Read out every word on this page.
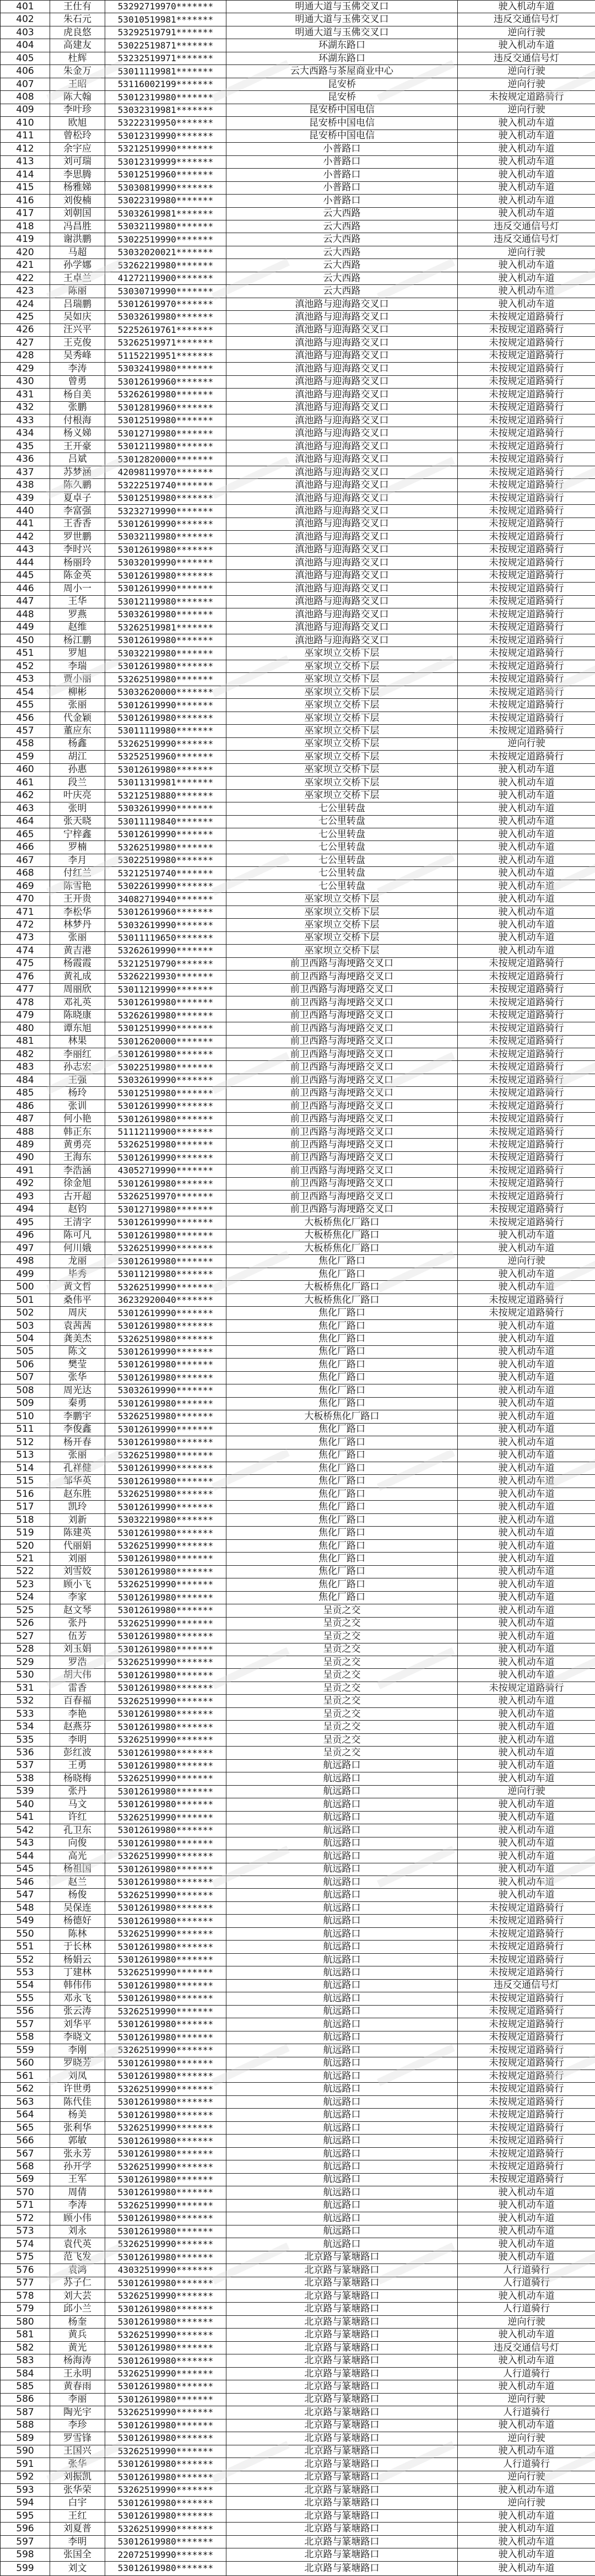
401	王仕有	53292719970*******	明通大道与玉佛交叉口	驶入机动车道
402	朱石元	53010519981*******	明通大道与玉佛交叉口	违反交通信号灯
403	虎良悠	53292519791*******	明通大道与玉佛交叉口	逆向行驶
404	高建友	53022519871*******	环湖东路口	驶入机动车道
405	杜辉	53232519971*******	环湖东路口	违反交通信号灯
406	朱金万	53011119981*******	云大西路与茶屋商业中心	逆向行驶
407	王昭	53116002199*******	昆安桥	逆向行驶
408	陈大翰	53012319980*******	昆安桥	未按规定道路骑行
409	李叶珍	53032319981*******	昆安桥中国电信	逆向行驶
410	欧旭	53222319950*******	昆安桥中国电信	驶入机动车道
411	曾松玲	53012319990*******	昆安桥中国电信	驶入机动车道
412	余宇应	53212519990*******	小普路口	驶入机动车道
413	刘可瑞	53012319999*******	小普路口	驶入机动车道
414	李思腾	53012519960*******	小普路口	驶入机动车道
415	杨雅娣	53030819990*******	小普路口	驶入机动车道
416	刘俊楠	53022319980*******	小普路口	驶入机动车道
417	刘朝国	53032619981*******	云大西路	驶入机动车道
418	冯昌胜	53032119980*******	云大西路	违反交通信号灯
419	谢洪鹏	53022519990*******	云大西路	违反交通信号灯
420	马超	53032020021*******	云大西路	逆向行驶
421	孙学娜	53262219980*******	云大西路	驶入机动车道
422	王卓兰	41272119900*******	云大西路	驶入机动车道
423	陈丽	53030719990*******	云大西路	驶入机动车道
424	吕瑞鹏	53012619970*******	滇池路与迎海路交叉口	驶入机动车道
425	吴如庆	53032619980*******	滇池路与迎海路交叉口	未按规定道路骑行
426	汪兴平	52252619761*******	滇池路与迎海路交叉口	未按规定道路骑行
427	王克俊	53262519971*******	滇池路与迎海路交叉口	未按规定道路骑行
428	吴秀峰	51152219951*******	滇池路与迎海路交叉口	未按规定道路骑行
429	李涛	53032419980*******	滇池路与迎海路交叉口	未按规定道路骑行
430	曾勇	53012619960*******	滇池路与迎海路交叉口	未按规定道路骑行
431	杨自美	53262619980*******	滇池路与迎海路交叉口	未按规定道路骑行
432	张鹏	53012819960*******	滇池路与迎海路交叉口	未按规定道路骑行
433	付根海	53012519980*******	滇池路与迎海路交叉口	未按规定道路骑行
434	杨义娣	53012719980*******	滇池路与迎海路交叉口	未按规定道路骑行
435	王开豪	53012119980*******	滇池路与迎海路交叉口	未按规定道路骑行
436	吕斌	53012820000*******	滇池路与迎海路交叉口	未按规定道路骑行
437	苏梦涵	42098119970*******	滇池路与迎海路交叉口	未按规定道路骑行
438	陈久鹏	53222519740*******	滇池路与迎海路交叉口	未按规定道路骑行
439	夏卓子	53012519980*******	滇池路与迎海路交叉口	未按规定道路骑行
440	李富强	53232719990*******	滇池路与迎海路交叉口	未按规定道路骑行
441	王香香	53012619990*******	滇池路与迎海路交叉口	未按规定道路骑行
442	罗世鹏	53032119980*******	滇池路与迎海路交叉口	未按规定道路骑行
443	李时兴	53012619980*******	滇池路与迎海路交叉口	未按规定道路骑行
444	杨丽玲	53032019990*******	滇池路与迎海路交叉口	未按规定道路骑行
445	陈金英	53012619980*******	滇池路与迎海路交叉口	未按规定道路骑行
446	周小一	53012619990*******	滇池路与迎海路交叉口	未按规定道路骑行
447	王华	53012119980*******	滇池路与迎海路交叉口	未按规定道路骑行
448	罗燕	53032619980*******	滇池路与迎海路交叉口	未按规定道路骑行
449	赵维	53262519981*******	滇池路与迎海路交叉口	未按规定道路骑行
450	杨江鹏	53012619980*******	滇池路与迎海路交叉口	未按规定道路骑行
451	罗旭	53032219980*******	巫家坝立交桥下层	未按规定道路骑行
452	李瑞	53012619980*******	巫家坝立交桥下层	未按规定道路骑行
453	贾小丽	53262519980*******	巫家坝立交桥下层	未按规定道路骑行
454	柳彬	53032620000*******	巫家坝立交桥下层	未按规定道路骑行
455	张丽	53012619990*******	巫家坝立交桥下层	未按规定道路骑行
456	代金颖	53012619980*******	巫家坝立交桥下层	未按规定道路骑行
457	董应东	53011119980*******	巫家坝立交桥下层	未按规定道路骑行
458	杨鑫	53262519990*******	巫家坝立交桥下层	逆向行驶
459	胡江	53252519960*******	巫家坝立交桥下层	未按规定道路骑行
460	孙惠	53012619980*******	巫家坝立交桥下层	驶入机动车道
461	段兰	53011319981*******	巫家坝立交桥下层	驶入机动车道
462	叶庆亮	53212519880*******	巫家坝立交桥下层	驶入机动车道
463	张明	53032619990*******	七公里转盘	驶入机动车道
464	张天晓	53011119840*******	七公里转盘	驶入机动车道
465	宁梓鑫	53012619990*******	七公里转盘	驶入机动车道
466	罗楠	53262519980*******	七公里转盘	驶入机动车道
467	李月	53022519980*******	七公里转盘	驶入机动车道
468	付红兰	53212519740*******	七公里转盘	驶入机动车道
469	陈雪艳	53022619990*******	七公里转盘	驶入机动车道
470	王开贵	34082719940*******	巫家坝立交桥下层	驶入机动车道
471	李松华	53012619960*******	巫家坝立交桥下层	驶入机动车道
472	林梦丹	53032619990*******	巫家坝立交桥下层	驶入机动车道
473	张丽	53011119650*******	巫家坝立交桥下层	驶入机动车道
474	黄吉港	53262619990*******	巫家坝立交桥下层	驶入机动车道
475	杨霞霞	53212519790*******	前卫西路与海埂路交叉口	未按规定道路骑行
476	黄礼成	53262219930*******	前卫西路与海埂路交叉口	未按规定道路骑行
477	周丽欣	53011219990*******	前卫西路与海埂路交叉口	未按规定道路骑行
478	邓礼英	53012619980*******	前卫西路与海埂路交叉口	未按规定道路骑行
479	陈晓康	53262619980*******	前卫西路与海埂路交叉口	未按规定道路骑行
480	谭东旭	53012519990*******	前卫西路与海埂路交叉口	未按规定道路骑行
481	林果	53012620000*******	前卫西路与海埂路交叉口	未按规定道路骑行
482	李丽红	53012619980*******	前卫西路与海埂路交叉口	未按规定道路骑行
483	孙志宏	53022519980*******	前卫西路与海埂路交叉口	未按规定道路骑行
484	王强	53032619990*******	前卫西路与海埂路交叉口	未按规定道路骑行
485	杨玲	53012519980*******	前卫西路与海埂路交叉口	未按规定道路骑行
486	张训	53012619990*******	前卫西路与海埂路交叉口	未按规定道路骑行
487	何小艳	53012619980*******	前卫西路与海埂路交叉口	未按规定道路骑行
488	韩正东	51112119900*******	前卫西路与海埂路交叉口	未按规定道路骑行
489	黄勇亮	53262519980*******	前卫西路与海埂路交叉口	未按规定道路骑行
490	王海东	53012619990*******	前卫西路与海埂路交叉口	未按规定道路骑行
491	李浩涵	43052719990*******	前卫西路与海埂路交叉口	未按规定道路骑行
492	徐金旭	53012619980*******	前卫西路与海埂路交叉口	未按规定道路骑行
493	古开超	53262519970*******	前卫西路与海埂路交叉口	未按规定道路骑行
494	赵钧	53012719980*******	前卫西路与海埂路交叉口	未按规定道路骑行
495	王清字	53012619990*******	大板桥焦化厂路口	未按规定道路骑行
496	陈可凡	53012619980*******	大板桥焦化厂路口	驶入机动车道
497	何川娥	53262519990*******	大板桥焦化厂路口	驶入机动车道
498	龙丽	53012619980*******	焦化厂路口	逆向行驶
499	毕秀	53011219980*******	焦化厂路口	驶入机动车道
500	黄文哲	53262519990*******	大板桥焦化厂路口	驶入机动车道
501	桑伟平	36232920040*******	大板桥焦化厂路口	未按规定道路骑行
502	周庆	53012619990*******	焦化厂路口	未按规定道路骑行
503	袁茜茜	53012619980*******	焦化厂路口	驶入机动车道
504	龚美杰	53262519980*******	焦化厂路口	驶入机动车道
505	陈文	53012619990*******	焦化厂路口	驶入机动车道
506	樊莹	53012619980*******	焦化厂路口	驶入机动车道
507	张华	53012619980*******	焦化厂路口	驶入机动车道
508	周光达	53032619990*******	焦化厂路口	驶入机动车道
509	秦勇	53012619980*******	焦化厂路口	驶入机动车道
510	李鹏宇	53262519980*******	大板桥焦化厂路口	驶入机动车道
511	李俊鑫	53012619990*******	焦化厂路口	驶入机动车道
512	杨开春	53012619980*******	焦化厂路口	驶入机动车道
513	张丽	53262519980*******	焦化厂路口	驶入机动车道
514	孔祥健	53012619990*******	焦化厂路口	驶入机动车道
515	邹华英	53012619980*******	焦化厂路口	驶入机动车道
516	赵东胜	53262519980*******	焦化厂路口	驶入机动车道
517	凯玲	53012619990*******	焦化厂路口	驶入机动车道
518	刘新	53032219980*******	焦化厂路口	驶入机动车道
519	陈建英	53012619980*******	焦化厂路口	驶入机动车道
520	代丽娟	53262519990*******	焦化厂路口	驶入机动车道
521	刘丽	53012619980*******	焦化厂路口	驶入机动车道
522	刘雪姣	53012619980*******	焦化厂路口	驶入机动车道
523	顾小飞	53262519990*******	焦化厂路口	驶入机动车道
524	李家	53012619980*******	焦化厂路口	驶入机动车道
525	赵文琴	53012619980*******	呈贡之交	驶入机动车道
526	张丹	53262519990*******	呈贡之交	驶入机动车道
527	伍芳	53012619980*******	呈贡之交	驶入机动车道
528	刘玉娟	53012619980*******	呈贡之交	驶入机动车道
529	罗浩	53262519990*******	呈贡之交	驶入机动车道
530	胡大伟	53012619980*******	呈贡之交	驶入机动车道
531	雷香	53012619980*******	呈贡之交	未按规定道路骑行
532	百春福	53262519990*******	呈贡之交	驶入机动车道
533	李艳	53012619980*******	呈贡之交	驶入机动车道
534	赵燕芬	53012619980*******	呈贡之交	驶入机动车道
535	李明	53262519990*******	呈贡之交	驶入机动车道
536	彭红波	53012619980*******	呈贡之交	驶入机动车道
537	王勇	53012619980*******	航远路口	驶入机动车道
538	杨晓梅	53262519990*******	航远路口	驶入机动车道
539	张丹	53012619980*******	航远路口	逆向行驶
540	马文	53012619980*******	航远路口	驶入机动车道
541	许红	53262519990*******	航远路口	驶入机动车道
542	孔卫东	53012619980*******	航远路口	驶入机动车道
543	向俊	53012619980*******	航远路口	驶入机动车道
544	高光	53262519990*******	航远路口	驶入机动车道
545	杨祖国	53012619980*******	航远路口	驶入机动车道
546	赵兰	53012619980*******	航远路口	驶入机动车道
547	杨俊	53262519990*******	航远路口	驶入机动车道
548	吴保连	53012619980*******	航远路口	未按规定道路骑行
549	杨德好	53012619980*******	航远路口	未按规定道路骑行
550	陈林	53262519990*******	航远路口	未按规定道路骑行
551	于长林	53012619980*******	航远路口	未按规定道路骑行
552	杨娟云	53012619980*******	航远路口	未按规定道路骑行
553	丁建林	53262519990*******	航远路口	未按规定道路骑行
554	韩伟伟	53012619980*******	航远路口	违反交通信号灯
555	邓永飞	53012619980*******	航远路口	未按规定道路骑行
556	张云涛	53262519990*******	航远路口	未按规定道路骑行
557	刘华平	53012619980*******	航远路口	未按规定道路骑行
558	李晓文	53012619980*******	航远路口	未按规定道路骑行
559	李刚	53262519990*******	航远路口	未按规定道路骑行
560	罗晓芳	53012619980*******	航远路口	未按规定道路骑行
561	刘凤	53012619980*******	航远路口	未按规定道路骑行
562	许世勇	53262519990*******	航远路口	未按规定道路骑行
563	陈代佳	53012619980*******	航远路口	未按规定道路骑行
564	杨美	53012619980*******	航远路口	未按规定道路骑行
565	张利华	53262519990*******	航远路口	未按规定道路骑行
566	郭敏	53012619980*******	航远路口	未按规定道路骑行
567	张永芳	53012619980*******	航远路口	未按规定道路骑行
568	孙开学	53262519990*******	航远路口	未按规定道路骑行
569	王军	53012619980*******	航远路口	未按规定道路骑行
570	周倩	53012619980*******	航远路口	驶入机动车道
571	李涛	53262519990*******	航远路口	驶入机动车道
572	顾小伟	53012619980*******	航远路口	驶入机动车道
573	刘永	53012619980*******	航远路口	驶入机动车道
574	袁代英	53262519990*******	航远路口	驶入机动车道
575	范飞发	53012619980*******	北京路与篆塘路口	驶入机动车道
576	袁鸿	43032519990*******	北京路与篆塘路口	人行道骑行
577	苏子仁	53012619980*******	北京路与篆塘路口	人行道骑行
578	刘大芸	53262519990*******	北京路与篆塘路口	驶入机动车道
579	邱小兰	53012619980*******	北京路与篆塘路口	人行道骑行
580	杨奎	53012619980*******	北京路与篆塘路口	逆向行驶
581	黄兵	53262519990*******	北京路与篆塘路口	驶入机动车道
582	黄光	53012619980*******	北京路与篆塘路口	违反交通信号灯
583	杨海涛	53012619980*******	北京路与篆塘路口	驶入机动车道
584	王永明	53262519990*******	北京路与篆塘路口	人行道骑行
585	黄春雨	53012619980*******	北京路与篆塘路口	驶入机动车道
586	李丽	53012619980*******	北京路与篆塘路口	逆向行驶
587	陶光宇	53262519990*******	北京路与篆塘路口	人行道骑行
588	李珍	53012619980*******	北京路与篆塘路口	驶入机动车道
589	罗雪锋	53012619980*******	北京路与篆塘路口	逆向行驶
590	王国兴	53262519990*******	北京路与篆塘路口	驶入机动车道
591	张华	53012619980*******	北京路与篆塘路口	人行道骑行
592	刘振凯	53012619980*******	北京路与篆塘路口	逆向行驶
593	张华荣	53262519990*******	北京路与篆塘路口	驶入机动车道
594	白宇	53012619980*******	北京路与篆塘路口	逆向行驶
595	王红	53012619980*******	北京路与篆塘路口	驶入机动车道
596	刘夏普	53262519990*******	北京路与篆塘路口	驶入机动车道
597	李明	53012619980*******	北京路与篆塘路口	驶入机动车道
598	张国全	22072519990*******	北京路与篆塘路口	驶入机动车道
599	刘文	53012619980*******	北京路与篆塘路口	驶入机动车道
